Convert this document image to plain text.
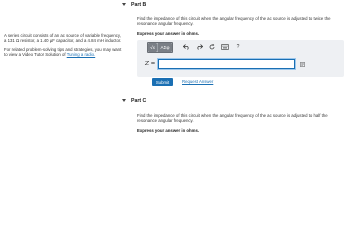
A series circuit consists of an ac source of variable frequency, a 131 Ω resistor, a 1.40 μF capacitor, and a 4.84 mH inductor.

For related problem-solving tips and strategies, you may want to view a Video Tutor Solution of Tuning a radio.

Part B
Find the impedance of this circuit when the angular frequency of the ac source is adjusted to twice the resonance angular frequency.
Express your answer in ohms.
√x ΑΣφ	?
Z =
Submit	Request Answer
Part C
Find the impedance of this circuit when the angular frequency of the ac source is adjusted to half the resonance angular frequency.
Express your answer in ohms.
